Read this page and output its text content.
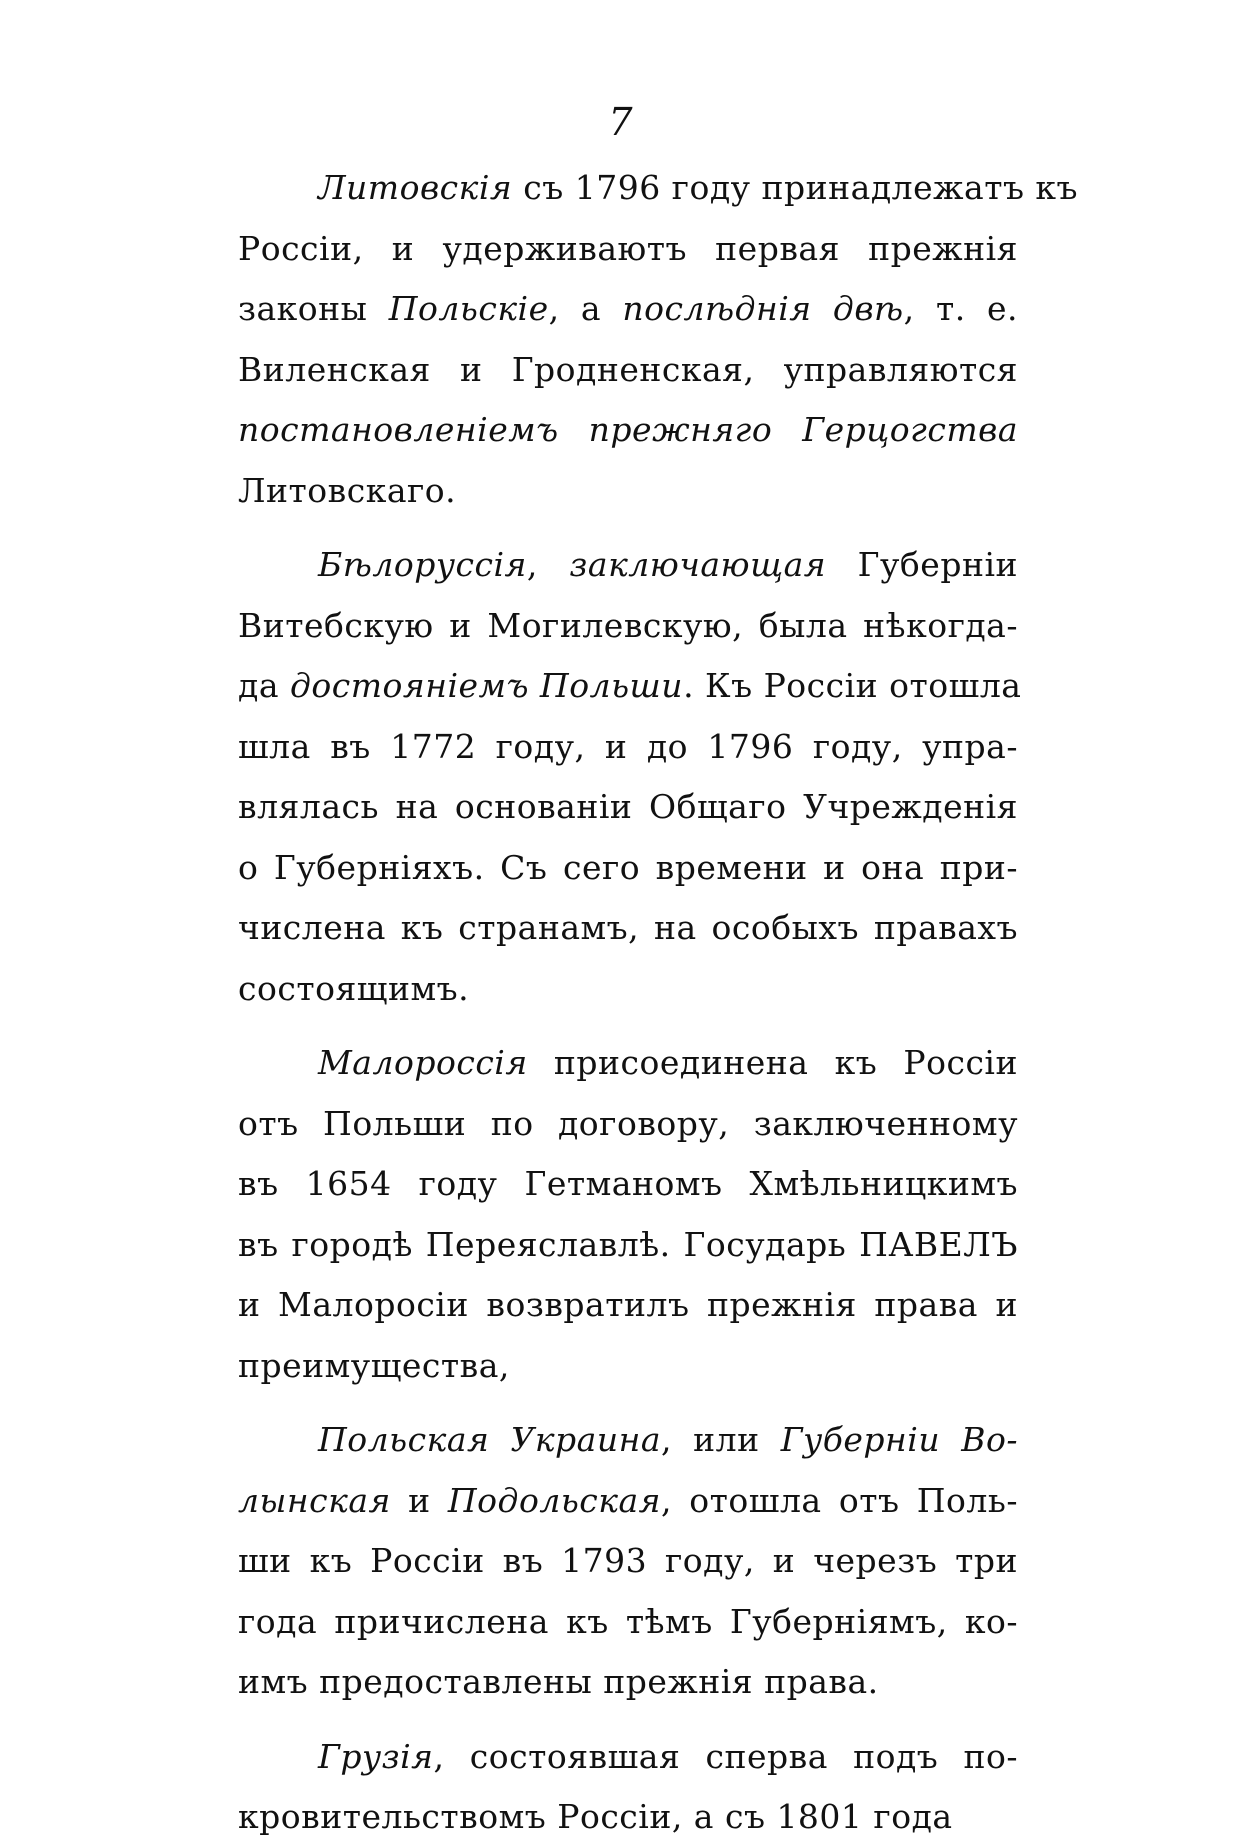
7
Литовскія съ 1796 году принадлежатъ къ
Россіи, и удерживаютъ первая прежнія
законы Польскіе, а послѣднія двѣ, т. е.
Виленская и Гродненская, управляются
постановленіемъ прежняго Герцогства
Литовскаго.
Бѣлоруссія, заключающая Губерніи
Витебскую и Могилевскую, была нѣкогда-
да достояніемъ Польши. Къ Россіи отошла
шла въ 1772 году, и до 1796 году, упра-
влялась на основаніи Общаго Учрежденія
о Губерніяхъ. Съ сего времени и она при-
числена къ странамъ, на особыхъ правахъ
состоящимъ.
Малороссія присоединена къ Россіи
отъ Польши по договору, заключенному
въ 1654 году Гетманомъ Хмѣльницкимъ
въ городѣ Переяславлѣ. Государь ПАВЕЛЪ
и Малоросіи возвратилъ прежнія права и
преимущества,
Польская Украина, или Губерніи Во-
лынская и Подольская, отошла отъ Поль-
ши къ Россіи въ 1793 году, и черезъ три
года причислена къ тѣмъ Губерніямъ, ко-
имъ предоставлены прежнія права.
Грузія, состоявшая сперва подъ по-
кровительствомъ Россіи, а съ 1801 года
